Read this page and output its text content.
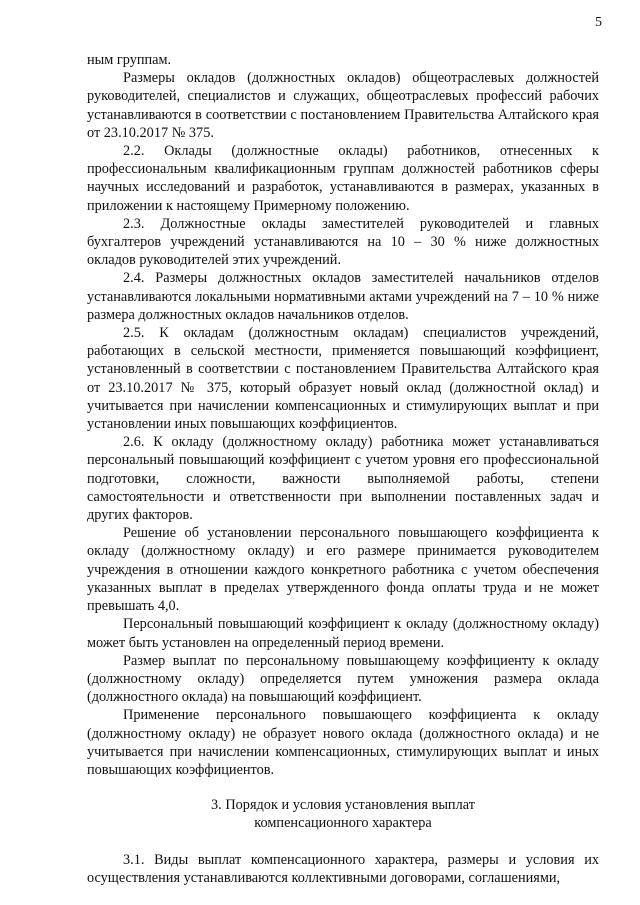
5

ным группам.

Размеры окладов (должностных окладов) общеотраслевых должностей руководителей, специалистов и служащих, общеотраслевых профессий рабочих устанавливаются в соответствии с постановлением Правительства Алтайского края от 23.10.2017 № 375.

2.2. Оклады (должностные оклады) работников, отнесенных к профессиональным квалификационным группам должностей работников сферы научных исследований и разработок, устанавливаются в размерах, указанных в приложении к настоящему Примерному положению.

2.3. Должностные оклады заместителей руководителей и главных бухгалтеров учреждений устанавливаются на 10 – 30 % ниже должностных окладов руководителей этих учреждений.

2.4. Размеры должностных окладов заместителей начальников отделов устанавливаются локальными нормативными актами учреждений на 7 – 10 % ниже размера должностных окладов начальников отделов.

2.5. К окладам (должностным окладам) специалистов учреждений, работающих в сельской местности, применяется повышающий коэффициент, установленный в соответствии с постановлением Правительства Алтайского края от 23.10.2017 № 375, который образует новый оклад (должностной оклад) и учитывается при начислении компенсационных и стимулирующих выплат и при установлении иных повышающих коэффициентов.

2.6. К окладу (должностному окладу) работника может устанавливаться персональный повышающий коэффициент с учетом уровня его профессиональной подготовки, сложности, важности выполняемой работы, степени самостоятельности и ответственности при выполнении поставленных задач и других факторов.

Решение об установлении персонального повышающего коэффициента к окладу (должностному окладу) и его размере принимается руководителем учреждения в отношении каждого конкретного работника с учетом обеспечения указанных выплат в пределах утвержденного фонда оплаты труда и не может превышать 4,0.

Персональный повышающий коэффициент к окладу (должностному окладу) может быть установлен на определенный период времени.

Размер выплат по персональному повышающему коэффициенту к окладу (должностному окладу) определяется путем умножения размера оклада (должностного оклада) на повышающий коэффициент.

Применение персонального повышающего коэффициента к окладу (должностному окладу) не образует нового оклада (должностного оклада) и не учитывается при начислении компенсационных, стимулирующих выплат и иных повышающих коэффициентов.

3. Порядок и условия установления выплат
компенсационного характера

3.1. Виды выплат компенсационного характера, размеры и условия их осуществления устанавливаются коллективными договорами, соглашениями,
